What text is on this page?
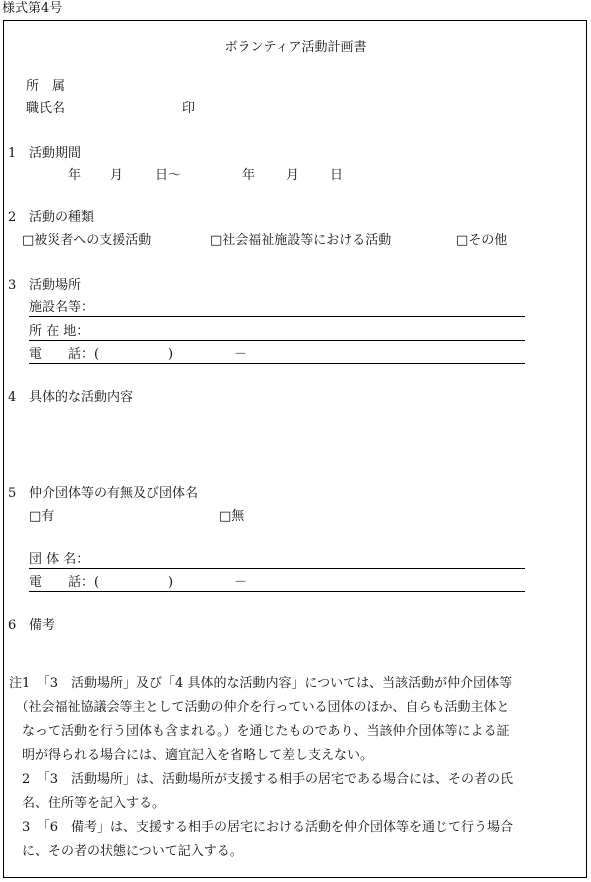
様式第4号
ボランティア活動計画書
所　属
職氏名	印
1 活動期間
年 月 日〜	年 月 日
2 活動の種類
□被災者への支援活動	□社会福祉施設等における活動	□その他
3 活動場所
施設名等：
所 在 地：
電　　話：(	)	－
4 具体的な活動内容
5 仲介団体等の有無及び団体名
□有	□無
団 体 名：
電　　話：(	)	－
6 備考
注1　「3　活動場所」及び「4 具体的な活動内容」については、当該活動が仲介団体等
　（社会福祉協議会等主として活動の仲介を行っている団体のほか、自らも活動主体と
　なって活動を行う団体も含まれる。）を通じたものであり、当該仲介団体等による証
　明が得られる場合には、適宜記入を省略して差し支えない。
　2　「3　活動場所」は、活動場所が支援する相手の居宅である場合には、その者の氏
　名、住所等を記入する。
　3　「6　備考」は、支援する相手の居宅における活動を仲介団体等を通じて行う場合
　に、その者の状態について記入する。
